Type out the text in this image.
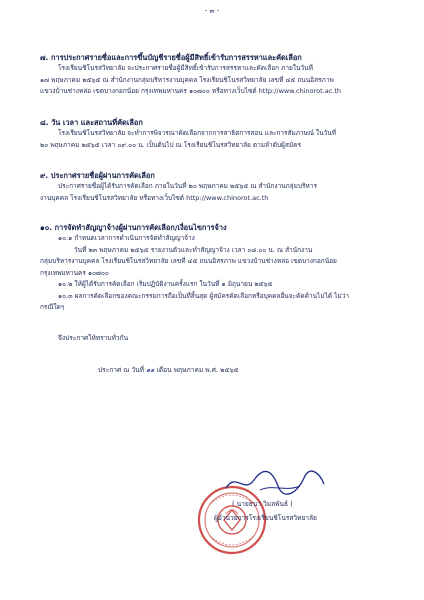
- ๓ -
๗. การประกาศรายชื่อและการขึ้นบัญชีรายชื่อผู้มีสิทธิ์เข้ารับการสรรหาและคัดเลือก
โรงเรียนชิโนรสวิทยาลัย จะประกาศรายชื่อผู้มีสิทธิ์เข้ารับการสรรหาและคัดเลือก ภายในวันที่
๑๗ พฤษภาคม ๒๕๖๕ ณ สำนักงานกลุ่มบริหารงานบุคคล โรงเรียนชิโนรสวิทยาลัย เลขที่ ๔๕ ถนนอิสรภาพ
แขวงบ้านช่างหล่อ เขตบางกอกน้อย กรุงเทพมหานคร ๑๐๗๐๐ หรือทางเว็บไซต์ http://www.chinorot.ac.th
๘. วัน เวลา และสถานที่คัดเลือก
โรงเรียนชิโนรสวิทยาลัย จะทำการพิจารณาคัดเลือกจากการสาธิตการสอน และการสัมภาษณ์ ในวันที่
๒๐ พฤษภาคม ๒๕๖๕ เวลา ๐๙.๐๐ น. เป็นต้นไป ณ โรงเรียนชิโนรสวิทยาลัย ตามลำดับผู้สมัคร
๙. ประกาศรายชื่อผู้ผ่านการคัดเลือก
ประกาศรายชื่อผู้ได้รับการคัดเลือก ภายในวันที่ ๒๐ พฤษภาคม ๒๕๖๕ ณ สำนักงานกลุ่มบริหาร
งานบุคคล โรงเรียนชิโนรสวิทยาลัย หรือทางเว็บไซต์ http://www.chinorot.ac.th
๑๐. การจัดทำสัญญาจ้างผู้ผ่านการคัดเลือก/เงื่อนไขการจ้าง
๑๐.๑ กำหนดเวลาการดำเนินการจัดทำสัญญาจ้าง
วันที่ ๒๓ พฤษภาคม ๒๕๖๕ รายงานตัวและทำสัญญาจ้าง เวลา ๐๘.๐๐ น. ณ สำนักงาน
กลุ่มบริหารงานบุคคล โรงเรียนชิโนรสวิทยาลัย เลขที่ ๔๕ ถนนอิสรภาพ แขวงบ้านช่างหล่อ เขตบางกอกน้อย
กรุงเทพมหานคร ๑๐๗๐๐
๑๐.๒ ให้ผู้ได้รับการคัดเลือก เริ่มปฏิบัติงานครั้งแรก ในวันที่ ๑ มิถุนายน ๒๕๖๕
๑๐.๓ ผลการคัดเลือกของคณะกรรมการถือเป็นที่สิ้นสุด ผู้สมัครคัดเลือกหรือบุคคลอื่นจะคัดค้านไม่ได้ ไม่ว่า
กรณีใดๆ
จึงประกาศให้ทราบทั่วกัน
ประกาศ ณ วันที่ ๑๑ เดือน พฤษภาคม พ.ศ. ๒๕๖๕
( นายธนา วิมลพันธ์ )
ผู้อำนวยการโรงเรียนชิโนรสวิทยาลัย
